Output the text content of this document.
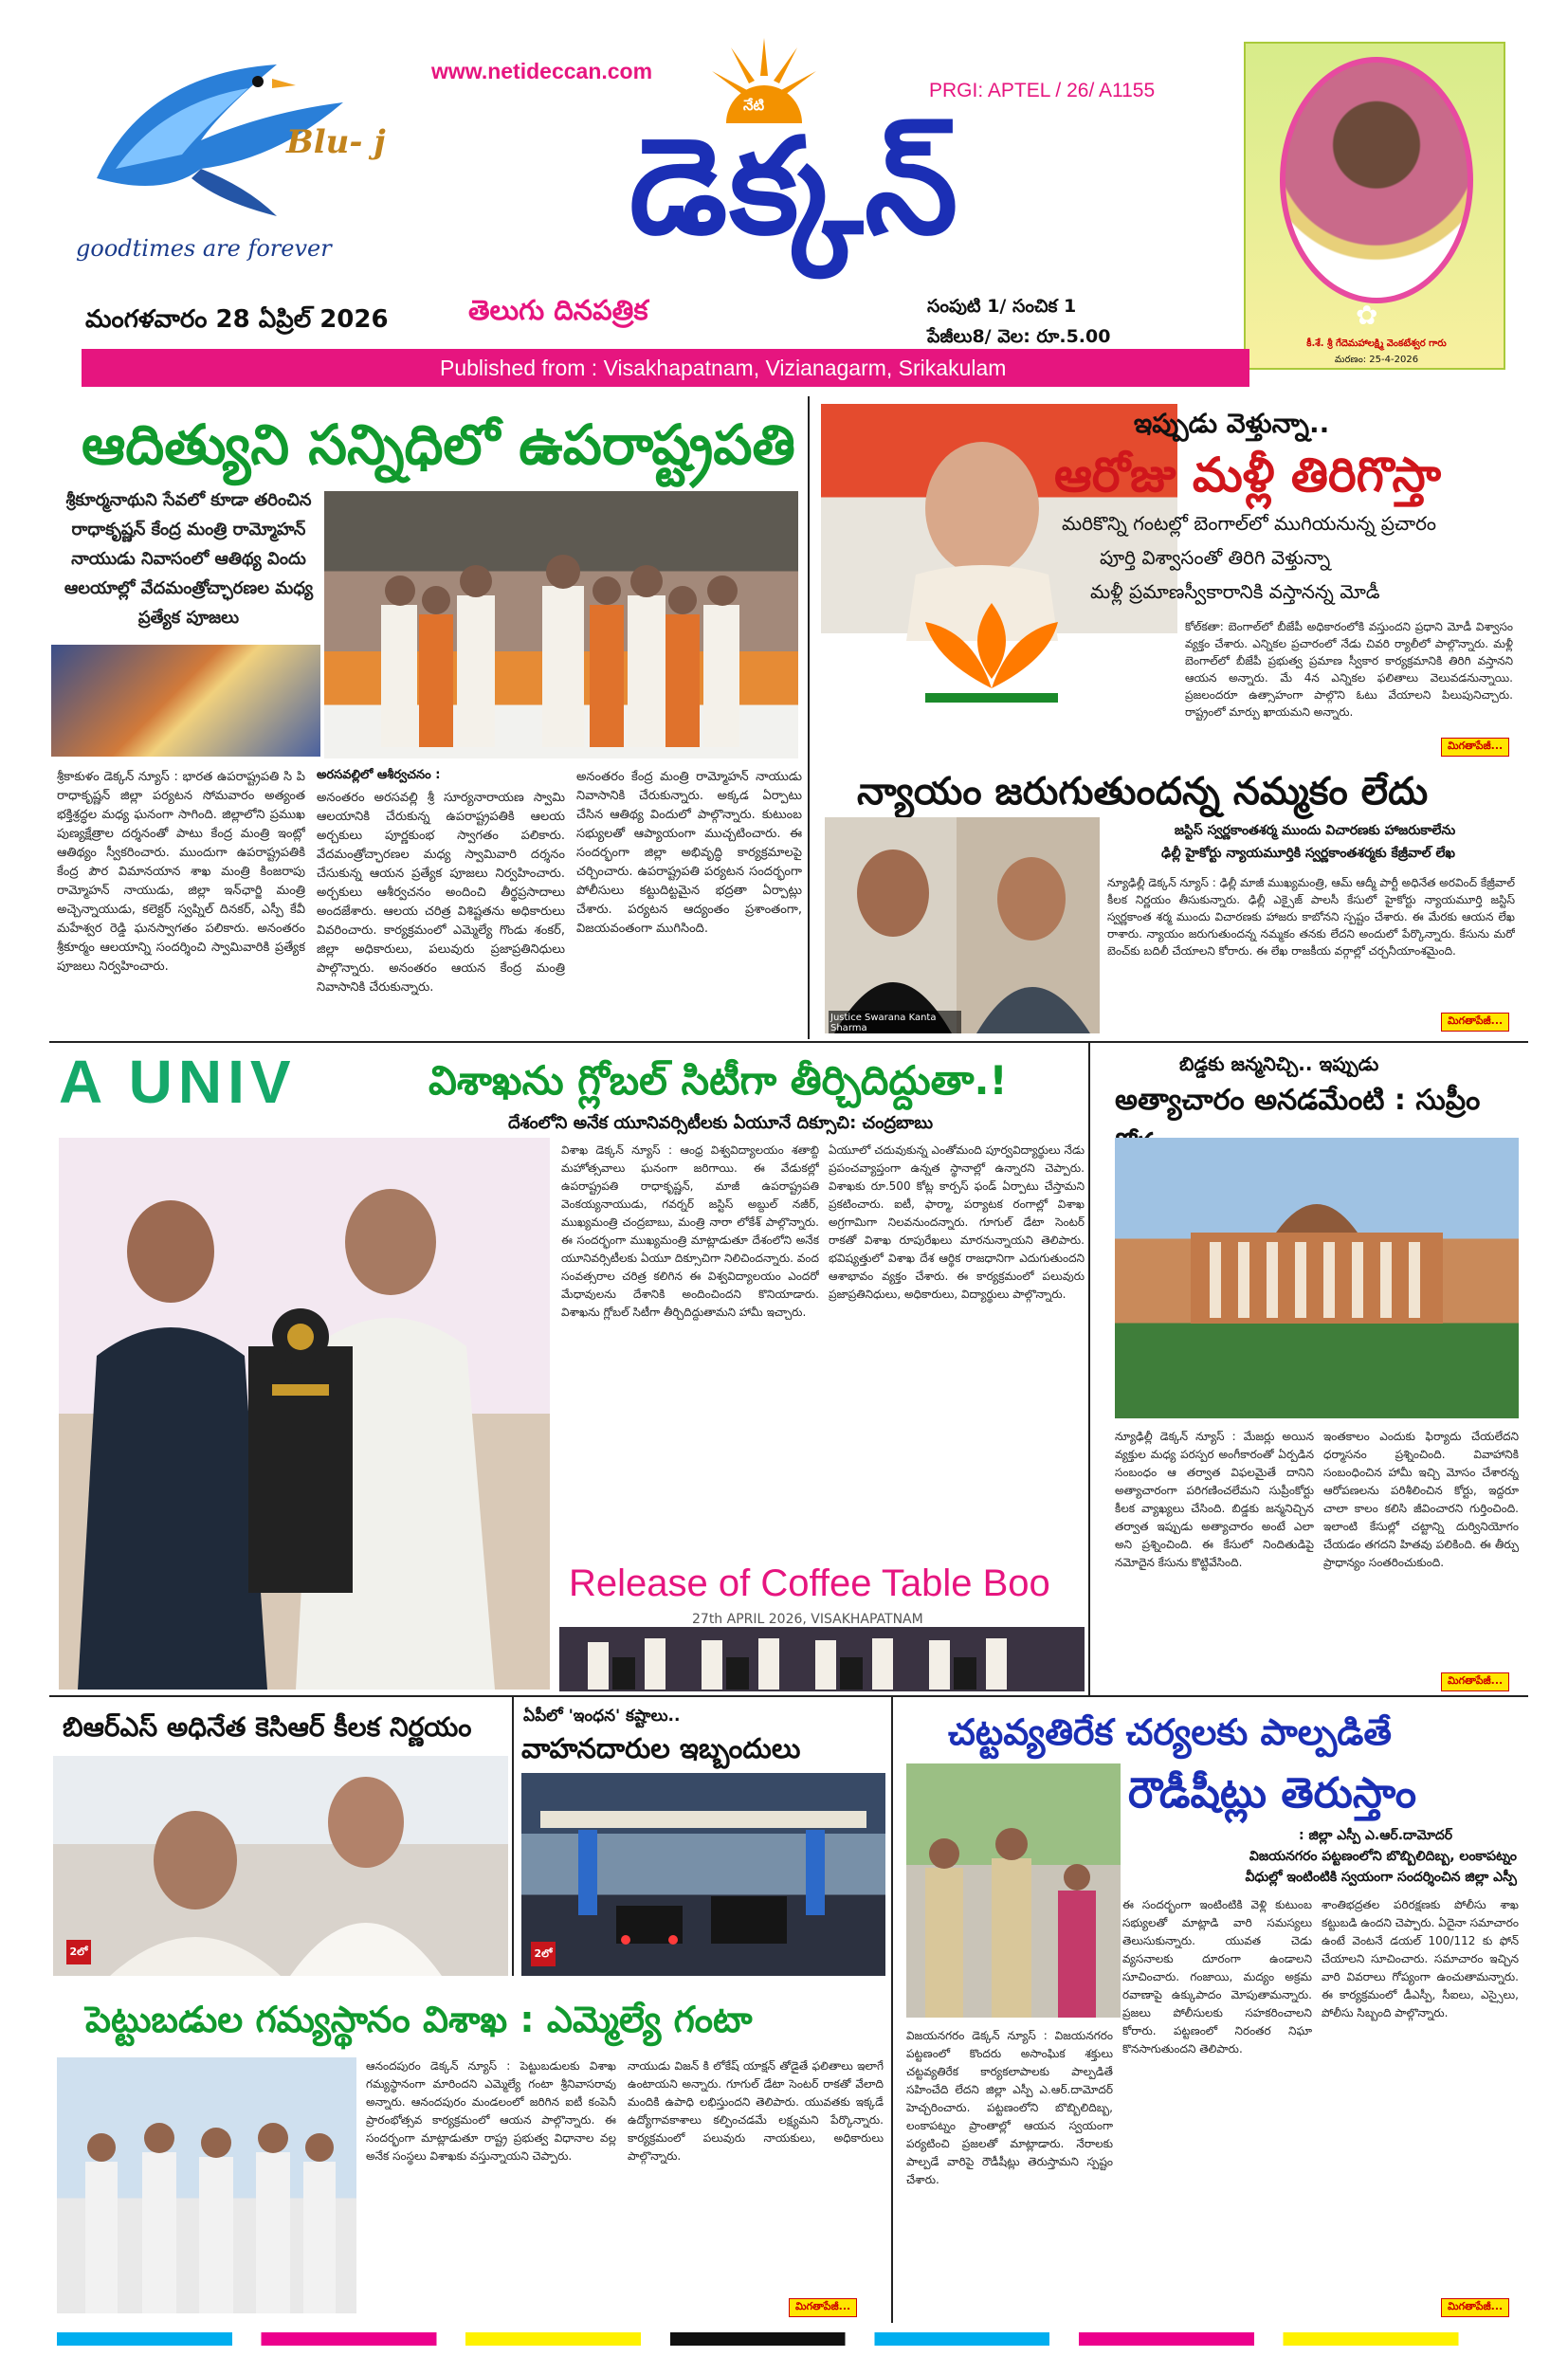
Blu- j
goodtimes are forever
www.netideccan.com
నేటి
డెక్కన్
PRGI: APTEL / 26/ A1155
తెలుగు దినపత్రిక
మంగళవారం 28 ఏప్రిల్ 2026	సంపుటి 1/ సంచిక 1
పేజీలు8/ వెల: రూ.5.00
✿
కీ.శే. శ్రీ గేదెమహాలక్ష్మి వెంకటేశ్వర గారు
మరణం: 25-4-2026
Published from : Visakhapatnam, Vizianagarm, Srikakulam
ఆదిత్యుని సన్నిధిలో ఉపరాష్ట్రపతి
శ్రీకూర్మనాథుని సేవలో కూడా తరించిన రాధాకృష్ణన్ కేంద్ర మంత్రి రామ్మోహన్ నాయుడు నివాసంలో ఆతిథ్య విందు ఆలయాల్లో వేదమంత్రోచ్ఛారణల మధ్య ప్రత్యేక పూజలు
శ్రీకాకుళం డెక్కన్ న్యూస్ : భారత ఉపరాష్ట్రపతి సి పి రాధాకృష్ణన్ జిల్లా పర్యటన సోమవారం అత్యంత భక్తిశ్రద్ధల మధ్య ఘనంగా సాగింది. జిల్లాలోని ప్రముఖ పుణ్యక్షేత్రాల దర్శనంతో పాటు కేంద్ర మంత్రి ఇంట్లో ఆతిథ్యం స్వీకరించారు. ముందుగా ఉపరాష్ట్రపతికి కేంద్ర పౌర విమానయాన శాఖ మంత్రి కింజరాపు రామ్మోహన్ నాయుడు, జిల్లా ఇన్‌ఛార్జి మంత్రి అచ్చెన్నాయుడు, కలెక్టర్ స్వప్నిల్ దినకర్, ఎస్పీ కేవీ మహేశ్వర రెడ్డి ఘనస్వాగతం పలికారు. అనంతరం శ్రీకూర్మం ఆలయాన్ని సందర్శించి స్వామివారికి ప్రత్యేక పూజలు నిర్వహించారు.
అరసవల్లిలో ఆశీర్వచనం :
అనంతరం అరసవల్లి శ్రీ సూర్యనారాయణ స్వామి ఆలయానికి చేరుకున్న ఉపరాష్ట్రపతికి ఆలయ అర్చకులు పూర్ణకుంభ స్వాగతం పలికారు. వేదమంత్రోచ్ఛారణల మధ్య స్వామివారి దర్శనం చేసుకున్న ఆయన ప్రత్యేక పూజలు నిర్వహించారు. అర్చకులు ఆశీర్వచనం అందించి తీర్థప్రసాదాలు అందజేశారు. ఆలయ చరిత్ర విశిష్టతను అధికారులు వివరించారు. కార్యక్రమంలో ఎమ్మెల్యే గొండు శంకర్, జిల్లా అధికారులు, పలువురు ప్రజాప్రతినిధులు పాల్గొన్నారు. అనంతరం ఆయన కేంద్ర మంత్రి నివాసానికి చేరుకున్నారు.
అనంతరం కేంద్ర మంత్రి రామ్మోహన్ నాయుడు నివాసానికి చేరుకున్నారు. అక్కడ ఏర్పాటు చేసిన ఆతిథ్య విందులో పాల్గొన్నారు. కుటుంబ సభ్యులతో ఆప్యాయంగా ముచ్చటించారు. ఈ సందర్భంగా జిల్లా అభివృద్ధి కార్యక్రమాలపై చర్చించారు. ఉపరాష్ట్రపతి పర్యటన సందర్భంగా పోలీసులు కట్టుదిట్టమైన భద్రతా ఏర్పాట్లు చేశారు. పర్యటన ఆద్యంతం ప్రశాంతంగా, విజయవంతంగా ముగిసింది.
ఇప్పుడు వెళ్తున్నా..
ఆరోజు మళ్లీ తిరిగొస్తా
మరికొన్ని గంటల్లో బెంగాల్‌లో ముగియనున్న ప్రచారం
పూర్తి విశ్వాసంతో తిరిగి వెళ్తున్నా
మళ్లీ ప్రమాణస్వీకారానికి వస్తానన్న మోడీ
కోల్‌కతా: బెంగాల్‌లో బీజేపీ అధికారంలోకి వస్తుందని ప్రధాని మోడీ విశ్వాసం వ్యక్తం చేశారు. ఎన్నికల ప్రచారంలో నేడు చివరి ర్యాలీలో పాల్గొన్నారు. మళ్లీ బెంగాల్‌లో బీజేపీ ప్రభుత్వ ప్రమాణ స్వీకార కార్యక్రమానికి తిరిగి వస్తానని ఆయన అన్నారు. మే 4న ఎన్నికల ఫలితాలు వెలువడనున్నాయి. ప్రజలందరూ ఉత్సాహంగా పాల్గొని ఓటు వేయాలని పిలుపునిచ్చారు. రాష్ట్రంలో మార్పు ఖాయమని అన్నారు.
మిగతాపేజీ...
న్యాయం జరుగుతుందన్న నమ్మకం లేదు
జస్టిస్ స్వర్ణకాంతశర్మ ముందు విచారణకు హాజరుకాలేను
ఢిల్లీ హైకోర్టు న్యాయమూర్తికి స్వర్ణకాంతశర్మకు కేజ్రీవాల్ లేఖ
Justice Swarana Kanta Sharma
న్యూఢిల్లీ డెక్కన్ న్యూస్ : ఢిల్లీ మాజీ ముఖ్యమంత్రి, ఆమ్ ఆద్మీ పార్టీ అధినేత అరవింద్ కేజ్రీవాల్ కీలక నిర్ణయం తీసుకున్నారు. ఢిల్లీ ఎక్సైజ్ పాలసీ కేసులో హైకోర్టు న్యాయమూర్తి జస్టిస్ స్వర్ణకాంత శర్మ ముందు విచారణకు హాజరు కాబోనని స్పష్టం చేశారు. ఈ మేరకు ఆయన లేఖ రాశారు. న్యాయం జరుగుతుందన్న నమ్మకం తనకు లేదని అందులో పేర్కొన్నారు. కేసును మరో బెంచ్‌కు బదిలీ చేయాలని కోరారు. ఈ లేఖ రాజకీయ వర్గాల్లో చర్చనీయాంశమైంది.
మిగతాపేజీ...
A UNIV	విశాఖను గ్లోబల్ సిటీగా తీర్చిదిద్దుతా.!
దేశంలోని అనేక యూనివర్సిటీలకు ఏయూనే దిక్సూచి: చంద్రబాబు
విశాఖ డెక్కన్ న్యూస్ : ఆంధ్ర విశ్వవిద్యాలయం శతాబ్ది మహోత్సవాలు ఘనంగా జరిగాయి. ఈ వేడుకల్లో ఉపరాష్ట్రపతి రాధాకృష్ణన్, మాజీ ఉపరాష్ట్రపతి వెంకయ్యనాయుడు, గవర్నర్ జస్టిస్ అబ్దుల్ నజీర్, ముఖ్యమంత్రి చంద్రబాబు, మంత్రి నారా లోకేశ్ పాల్గొన్నారు. ఈ సందర్భంగా ముఖ్యమంత్రి మాట్లాడుతూ దేశంలోని అనేక యూనివర్సిటీలకు ఏయూ దిక్సూచిగా నిలిచిందన్నారు. వంద సంవత్సరాల చరిత్ర కలిగిన ఈ విశ్వవిద్యాలయం ఎందరో మేధావులను దేశానికి అందించిందని కొనియాడారు. విశాఖను గ్లోబల్ సిటీగా తీర్చిదిద్దుతామని హామీ ఇచ్చారు.
ఏయూలో చదువుకున్న ఎంతోమంది పూర్వవిద్యార్థులు నేడు ప్రపంచవ్యాప్తంగా ఉన్నత స్థానాల్లో ఉన్నారని చెప్పారు. విశాఖకు రూ.500 కోట్ల కార్పస్ ఫండ్ ఏర్పాటు చేస్తామని ప్రకటించారు. ఐటీ, ఫార్మా, పర్యాటక రంగాల్లో విశాఖ అగ్రగామిగా నిలవనుందన్నారు. గూగుల్ డేటా సెంటర్ రాకతో విశాఖ రూపురేఖలు మారనున్నాయని తెలిపారు. భవిష్యత్తులో విశాఖ దేశ ఆర్థిక రాజధానిగా ఎదుగుతుందని ఆశాభావం వ్యక్తం చేశారు. ఈ కార్యక్రమంలో పలువురు ప్రజాప్రతినిధులు, అధికారులు, విద్యార్థులు పాల్గొన్నారు.
Release of Coffee Table Boo
27th APRIL 2026, VISAKHAPATNAM
బిడ్డకు జన్మనిచ్చి.. ఇప్పుడు
అత్యాచారం అనడమేంటి : సుప్రీం
న్యూఢిల్లీ డెక్కన్ న్యూస్ : మేజర్లు అయిన వ్యక్తుల మధ్య పరస్పర అంగీకారంతో ఏర్పడిన సంబంధం ఆ తర్వాత విఫలమైతే దానిని అత్యాచారంగా పరిగణించలేమని సుప్రీంకోర్టు కీలక వ్యాఖ్యలు చేసింది. బిడ్డకు జన్మనిచ్చిన తర్వాత ఇప్పుడు అత్యాచారం అంటే ఎలా అని ప్రశ్నించింది. ఈ కేసులో నిందితుడిపై నమోదైన కేసును కొట్టివేసింది.
ఇంతకాలం ఎందుకు ఫిర్యాదు చేయలేదని ధర్మాసనం ప్రశ్నించింది. వివాహానికి సంబంధించిన హామీ ఇచ్చి మోసం చేశారన్న ఆరోపణలను పరిశీలించిన కోర్టు, ఇద్దరూ చాలా కాలం కలిసి జీవించారని గుర్తించింది. ఇలాంటి కేసుల్లో చట్టాన్ని దుర్వినియోగం చేయడం తగదని హితవు పలికింది. ఈ తీర్పు ప్రాధాన్యం సంతరించుకుంది.
మిగతాపేజీ...
బిఆర్ఎస్ అధినేత కెసిఆర్ కీలక నిర్ణయం
2లో
ఏపీలో 'ఇంధన' కష్టాలు..
వాహనదారుల ఇబ్బందులు
2లో
పెట్టుబడుల గమ్యస్థానం విశాఖ : ఎమ్మెల్యే గంటా
ఆనందపురం డెక్కన్ న్యూస్ : పెట్టుబడులకు విశాఖ గమ్యస్థానంగా మారిందని ఎమ్మెల్యే గంటా శ్రీనివాసరావు అన్నారు. ఆనందపురం మండలంలో జరిగిన ఐటీ కంపెనీ ప్రారంభోత్సవ కార్యక్రమంలో ఆయన పాల్గొన్నారు. ఈ సందర్భంగా మాట్లాడుతూ రాష్ట్ర ప్రభుత్వ విధానాల వల్ల అనేక సంస్థలు విశాఖకు వస్తున్నాయని చెప్పారు.
నాయుడు విజన్ కి లోకేష్ యాక్షన్ తోడైతే ఫలితాలు ఇలాగే ఉంటాయని అన్నారు. గూగుల్ డేటా సెంటర్ రాకతో వేలాది మందికి ఉపాధి లభిస్తుందని తెలిపారు. యువతకు ఇక్కడే ఉద్యోగావకాశాలు కల్పించడమే లక్ష్యమని పేర్కొన్నారు. కార్యక్రమంలో పలువురు నాయకులు, అధికారులు పాల్గొన్నారు.
మిగతాపేజీ...
చట్టవ్యతిరేక చర్యలకు పాల్పడితే
రౌడీషీట్లు తెరుస్తాం
: జిల్లా ఎస్పీ ఎ.ఆర్.దామోదర్
విజయనగరం పట్టణంలోని బొబ్బిలిదిబ్బ, లంకాపట్నం
వీధుల్లో ఇంటింటికి స్వయంగా సందర్శించిన జిల్లా ఎస్పీ
విజయనగరం డెక్కన్ న్యూస్ : విజయనగరం పట్టణంలో కొందరు అసాంఘిక శక్తులు చట్టవ్యతిరేక కార్యకలాపాలకు పాల్పడితే సహించేది లేదని జిల్లా ఎస్పీ ఎ.ఆర్.దామోదర్ హెచ్చరించారు. పట్టణంలోని బొబ్బిలిదిబ్బ, లంకాపట్నం ప్రాంతాల్లో ఆయన స్వయంగా పర్యటించి ప్రజలతో మాట్లాడారు. నేరాలకు పాల్పడే వారిపై రౌడీషీట్లు తెరుస్తామని స్పష్టం చేశారు.
ఈ సందర్భంగా ఇంటింటికి వెళ్లి కుటుంబ సభ్యులతో మాట్లాడి వారి సమస్యలు తెలుసుకున్నారు. యువత చెడు వ్యసనాలకు దూరంగా ఉండాలని సూచించారు. గంజాయి, మద్యం అక్రమ రవాణాపై ఉక్కుపాదం మోపుతామన్నారు. ప్రజలు పోలీసులకు సహకరించాలని కోరారు. పట్టణంలో నిరంతర నిఘా కొనసాగుతుందని తెలిపారు.
శాంతిభద్రతల పరిరక్షణకు పోలీసు శాఖ కట్టుబడి ఉందని చెప్పారు. ఏదైనా సమాచారం ఉంటే వెంటనే డయల్ 100/112 కు ఫోన్ చేయాలని సూచించారు. సమాచారం ఇచ్చిన వారి వివరాలు గోప్యంగా ఉంచుతామన్నారు. ఈ కార్యక్రమంలో డీఎస్పీ, సీఐలు, ఎస్సైలు, పోలీసు సిబ్బంది పాల్గొన్నారు.
మిగతాపేజీ...
